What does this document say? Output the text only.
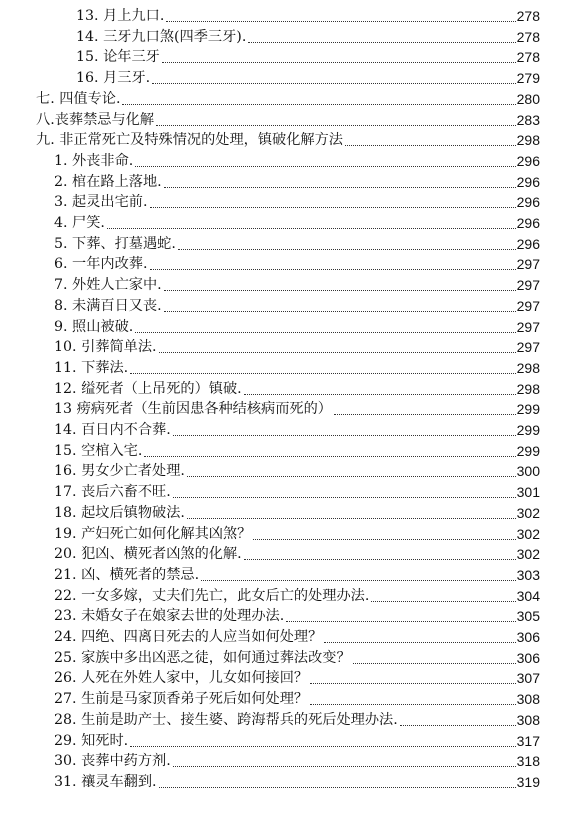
13. 月上九口.	278
14. 三牙九口煞(四季三牙).	278
15. 论年三牙	278
16. 月三牙.	279
七. 四值专论.	280
八.丧葬禁忌与化解	283
九. 非正常死亡及特殊情况的处理，镇破化解方法	298
1. 外丧非命.	296
2. 棺在路上落地.	296
3. 起灵出宅前.	296
4. 尸笑.	296
5. 下葬、打墓遇蛇.	296
6. 一年内改葬.	297
7. 外姓人亡家中.	297
8. 未满百日又丧.	297
9. 照山被破.	297
10. 引葬简单法.	297
11. 下葬法.	298
12. 缢死者（上吊死的）镇破.	298
13 痨病死者（生前因患各种结核病而死的）	299
14. 百日内不合葬.	299
15. 空棺入宅.	299
16. 男女少亡者处理.	300
17. 丧后六畜不旺.	301
18. 起坟后镇物破法.	302
19. 产妇死亡如何化解其凶煞？	302
20. 犯凶、横死者凶煞的化解.	302
21. 凶、横死者的禁忌.	303
22. 一女多嫁，丈夫们先亡，此女后亡的处理办法.	304
23. 未婚女子在娘家去世的处理办法.	305
24. 四绝、四离日死去的人应当如何处理？	306
25. 家族中多出凶恶之徒，如何通过葬法改变？	306
26. 人死在外姓人家中，儿女如何接回？	307
27. 生前是马家顶香弟子死后如何处理？	308
28. 生前是助产士、接生婆、跨海帮兵的死后处理办法.	308
29. 知死时.	317
30. 丧葬中药方剂.	318
31. 禳灵车翻到.	319
